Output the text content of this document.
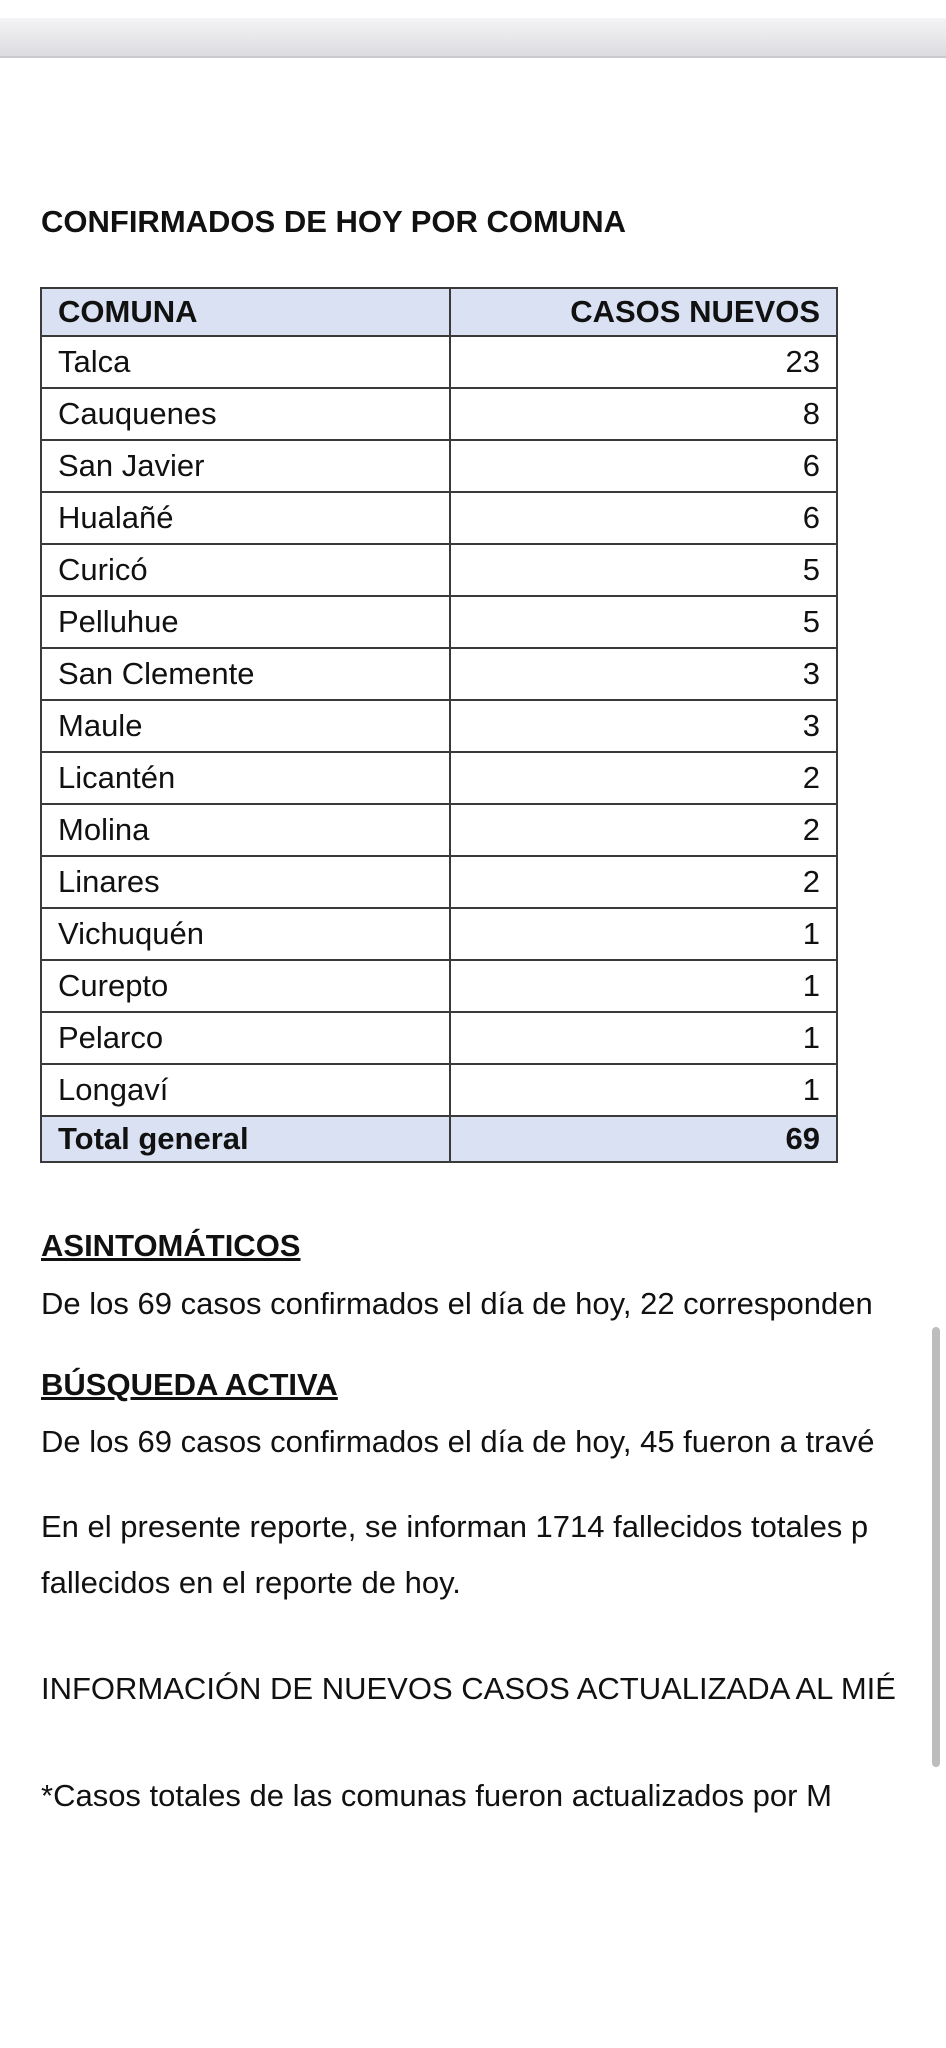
CONFIRMADOS DE HOY POR COMUNA
COMUNA	CASOS NUEVOS
Talca	23
Cauquenes	8
San Javier	6
Hualañé	6
Curicó	5
Pelluhue	5
San Clemente	3
Maule	3
Licantén	2
Molina	2
Linares	2
Vichuquén	1
Curepto	1
Pelarco	1
Longaví	1
Total general	69
ASINTOMÁTICOS
De los 69 casos confirmados el día de hoy, 22 corresponden
BÚSQUEDA ACTIVA
De los 69 casos confirmados el día de hoy, 45 fueron a travé
En el presente reporte, se informan 1714 fallecidos totales p
fallecidos en el reporte de hoy.
INFORMACIÓN DE NUEVOS CASOS ACTUALIZADA AL MIÉ
*Casos totales de las comunas fueron actualizados por M
